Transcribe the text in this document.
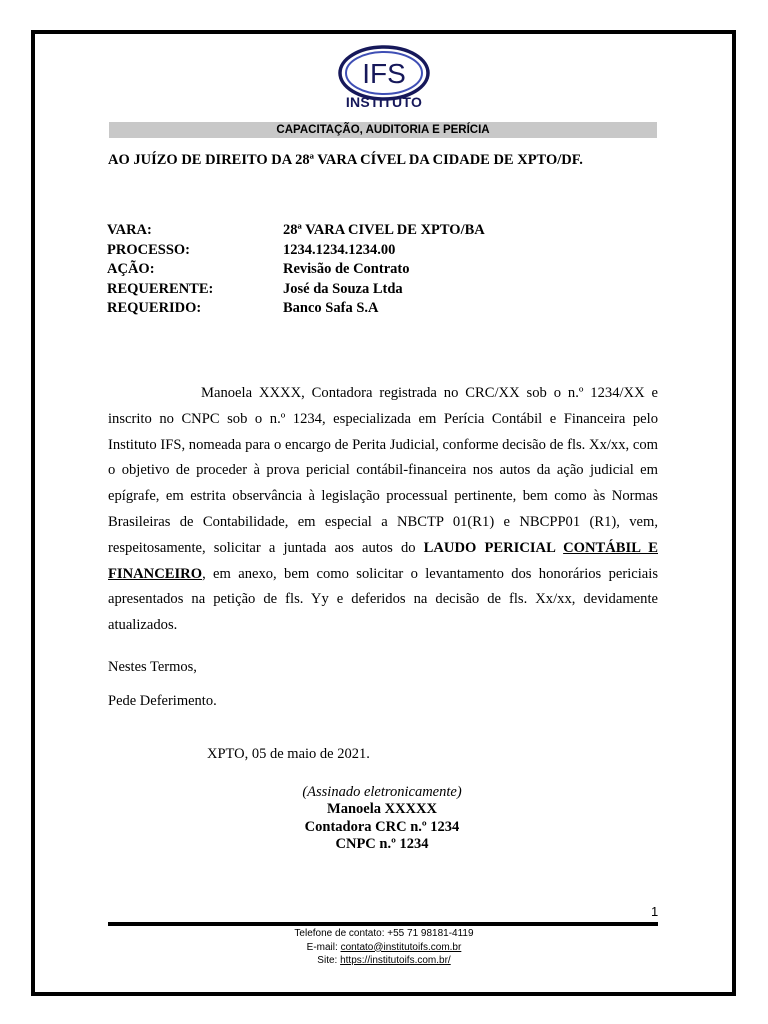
IFS
INSTITUTO
CAPACITAÇÃO, AUDITORIA E PERÍCIA
AO JUÍZO DE DIREITO DA 28ª VARA CÍVEL DA CIDADE DE XPTO/DF.
VARA:	28ª VARA CIVEL DE XPTO/BA
PROCESSO:	1234.1234.1234.00
AÇÃO:	Revisão de Contrato
REQUERENTE:	José da Souza Ltda
REQUERIDO:	Banco Safa S.A
Manoela XXXX, Contadora registrada no CRC/XX sob o n.º 1234/XX e inscrito no CNPC sob o n.º 1234, especializada em Perícia Contábil e Financeira pelo Instituto IFS, nomeada para o encargo de Perita Judicial, conforme decisão de fls. Xx/xx, com o objetivo de proceder à prova pericial contábil-financeira nos autos da ação judicial em epígrafe, em estrita observância à legislação processual pertinente, bem como às Normas Brasileiras de Contabilidade, em especial a NBCTP 01(R1) e NBCPP01 (R1), vem, respeitosamente, solicitar a juntada aos autos do LAUDO PERICIAL CONTÁBIL E FINANCEIRO, em anexo, bem como solicitar o levantamento dos honorários periciais apresentados na petição de fls. Yy e deferidos na decisão de fls. Xx/xx, devidamente atualizados.
Nestes Termos,
Pede Deferimento.
XPTO, 05 de maio de 2021.
(Assinado eletronicamente)
Manoela XXXXX
Contadora CRC n.º 1234
CNPC n.º 1234
1
Telefone de contato: +55 71 98181-4119
E-mail: contato@institutoifs.com.br
Site: https://institutoifs.com.br/
